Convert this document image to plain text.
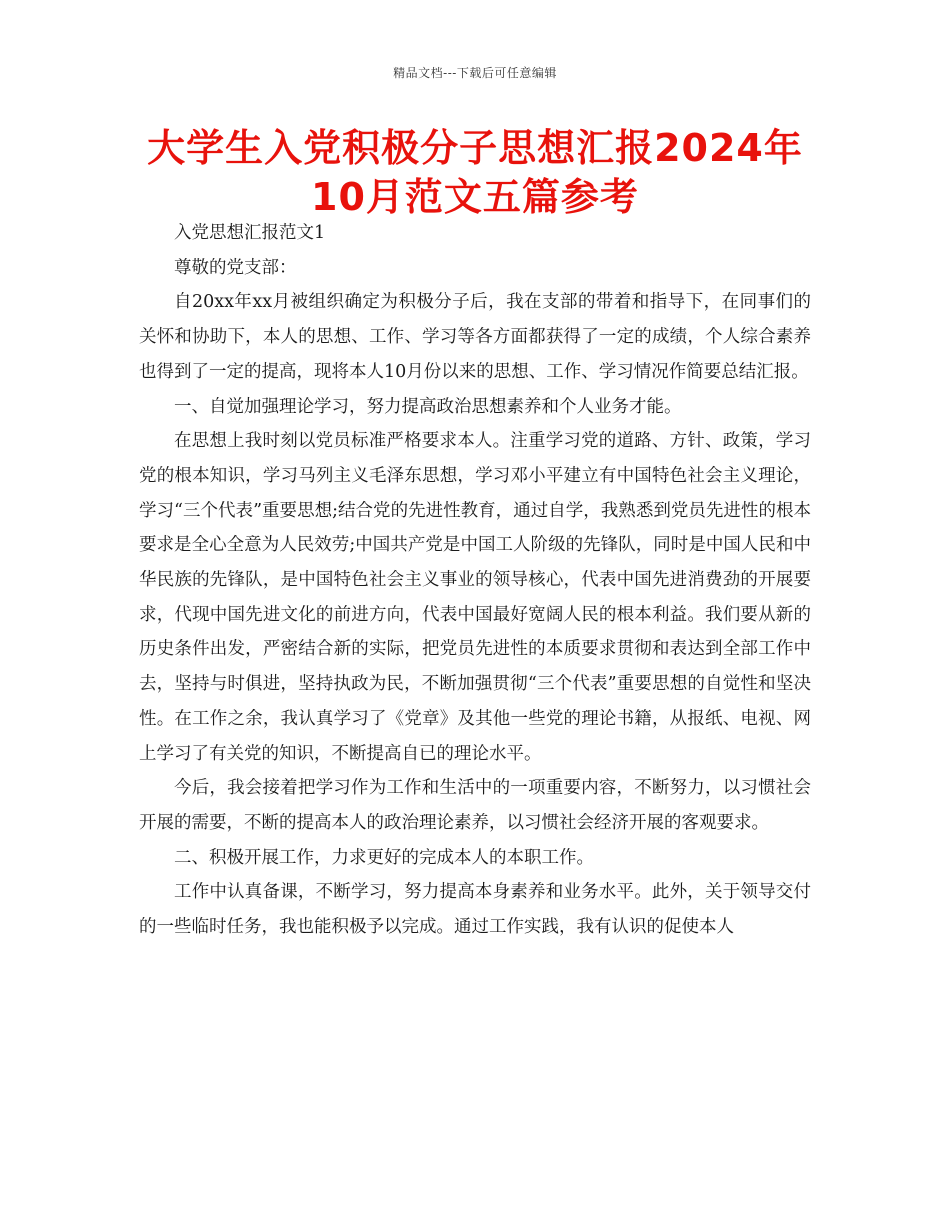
精品文档---下载后可任意编辑
大学生入党积极分子思想汇报2024年10月范文五篇参考

入党思想汇报范文1

尊敬的党支部：

自20xx年xx月被组织确定为积极分子后，我在支部的带着和指导下，在同事们的关怀和协助下，本人的思想、工作、学习等各方面都获得了一定的成绩，个人综合素养也得到了一定的提高，现将本人10月份以来的思想、工作、学习情况作简要总结汇报。

一、自觉加强理论学习，努力提高政治思想素养和个人业务才能。

在思想上我时刻以党员标准严格要求本人。注重学习党的道路、方针、政策，学习党的根本知识，学习马列主义毛泽东思想，学习邓小平建立有中国特色社会主义理论，学习“三个代表”重要思想;结合党的先进性教育，通过自学，我熟悉到党员先进性的根本要求是全心全意为人民效劳;中国共产党是中国工人阶级的先锋队，同时是中国人民和中华民族的先锋队，是中国特色社会主义事业的领导核心，代表中国先进消费劲的开展要求，代现中国先进文化的前进方向，代表中国最好宽阔人民的根本利益。我们要从新的历史条件出发，严密结合新的实际，把党员先进性的本质要求贯彻和表达到全部工作中去，坚持与时俱进，坚持执政为民，不断加强贯彻“三个代表”重要思想的自觉性和坚决性。在工作之余，我认真学习了《党章》及其他一些党的理论书籍，从报纸、电视、网上学习了有关党的知识，不断提高自已的理论水平。

今后，我会接着把学习作为工作和生活中的一项重要内容，不断努力，以习惯社会开展的需要，不断的提高本人的政治理论素养，以习惯社会经济开展的客观要求。

二、积极开展工作，力求更好的完成本人的本职工作。

工作中认真备课，不断学习，努力提高本身素养和业务水平。此外，关于领导交付的一些临时任务，我也能积极予以完成。通过工作实践，我有认识的促使本人
